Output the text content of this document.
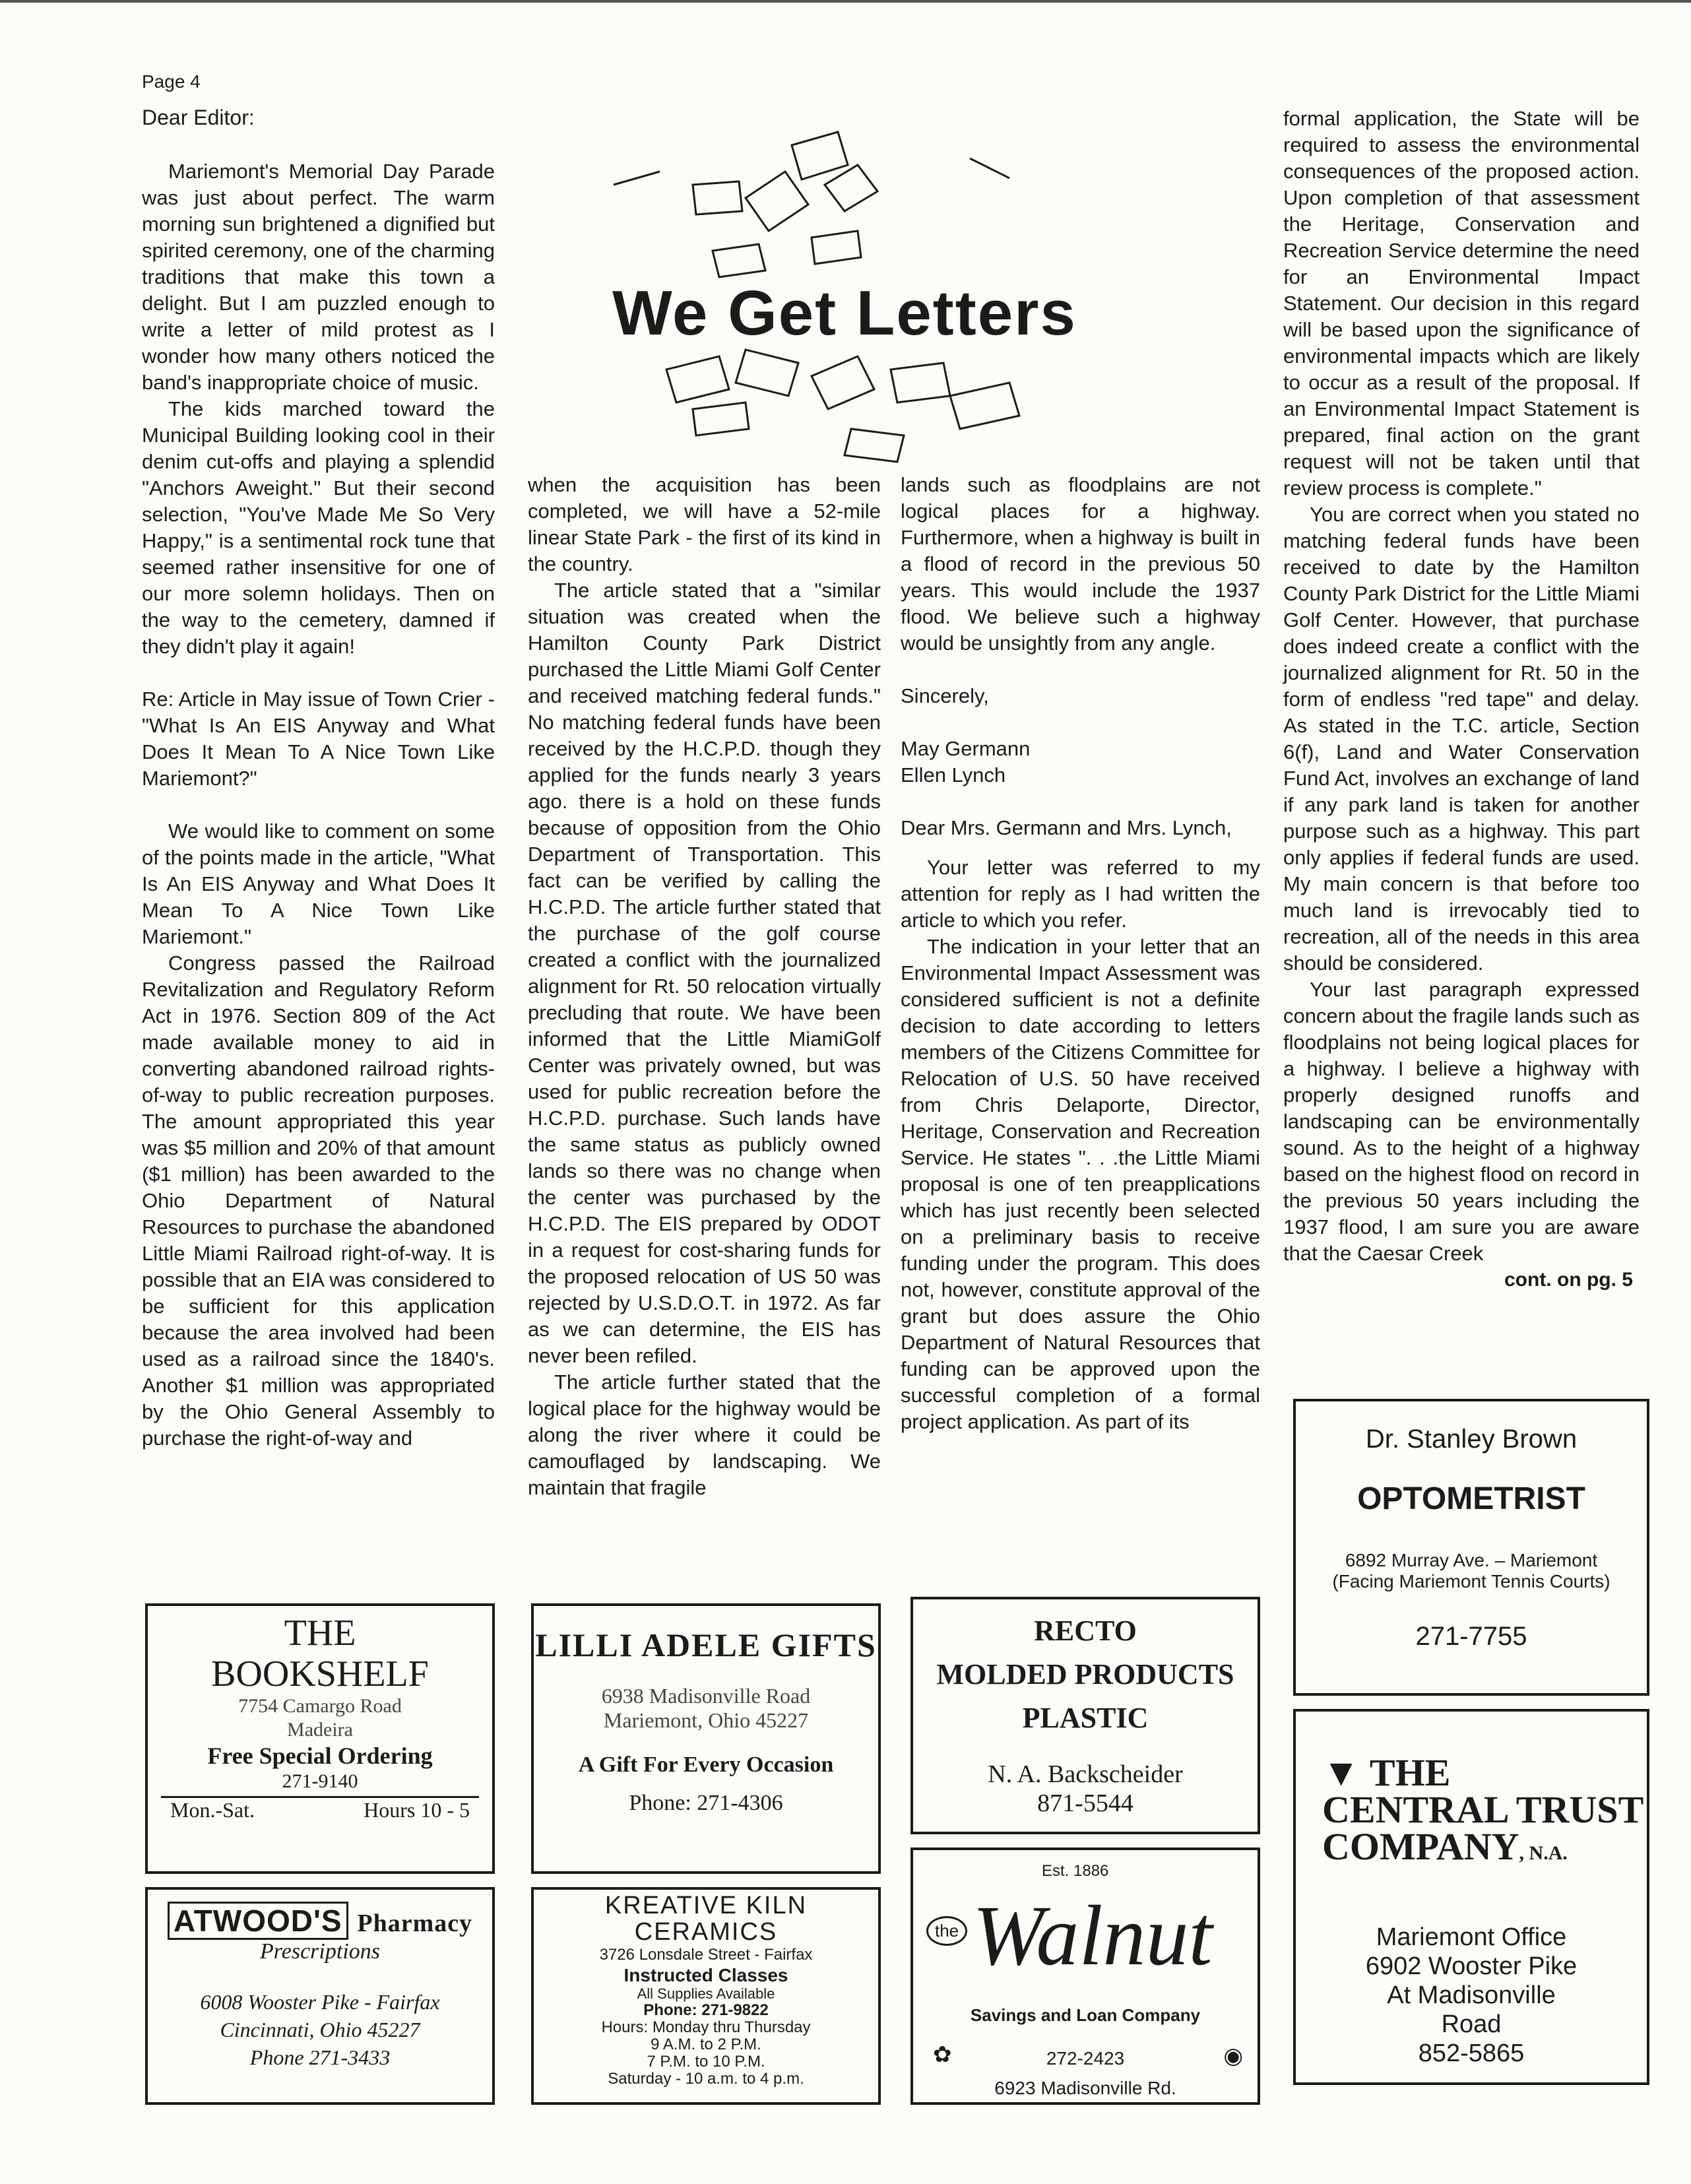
Page 4
Dear Editor:

Mariemont's Memorial Day Parade was just about perfect. The warm morning sun brightened a dignified but spirited ceremony, one of the charming traditions that make this town a delight. But I am puzzled enough to write a letter of mild protest as I wonder how many others noticed the band's inappropriate choice of music.

The kids marched toward the Municipal Building looking cool in their denim cut-offs and playing a splendid "Anchors Aweight." But their second selection, "You've Made Me So Very Happy," is a sentimental rock tune that seemed rather insensitive for one of our more solemn holidays. Then on the way to the cemetery, damned if they didn't play it again!

Re: Article in May issue of Town Crier - "What Is An EIS Anyway and What Does It Mean To A Nice Town Like Mariemont?"

We would like to comment on some of the points made in the article, "What Is An EIS Anyway and What Does It Mean To A Nice Town Like Mariemont."

Congress passed the Railroad Revitalization and Regulatory Reform Act in 1976. Section 809 of the Act made available money to aid in converting abandoned railroad rights-of-way to public recreation purposes. The amount appropriated this year was $5 million and 20% of that amount ($1 million) has been awarded to the Ohio Department of Natural Resources to purchase the abandoned Little Miami Railroad right-of-way. It is possible that an EIA was considered to be sufficient for this application because the area involved had been used as a railroad since the 1840's. Another $1 million was appropriated by the Ohio General Assembly to purchase the right-of-way and

We Get Letters

when the acquisition has been completed, we will have a 52-mile linear State Park - the first of its kind in the country.

The article stated that a "similar situation was created when the Hamilton County Park District purchased the Little Miami Golf Center and received matching federal funds." No matching federal funds have been received by the H.C.P.D. though they applied for the funds nearly 3 years ago. there is a hold on these funds because of opposition from the Ohio Department of Transportation. This fact can be verified by calling the H.C.P.D. The article further stated that the purchase of the golf course created a conflict with the journalized alignment for Rt. 50 relocation virtually precluding that route. We have been informed that the Little MiamiGolf Center was privately owned, but was used for public recreation before the H.C.P.D. purchase. Such lands have the same status as publicly owned lands so there was no change when the center was purchased by the H.C.P.D. The EIS prepared by ODOT in a request for cost-sharing funds for the proposed relocation of US 50 was rejected by U.S.D.O.T. in 1972. As far as we can determine, the EIS has never been refiled.

The article further stated that the logical place for the highway would be along the river where it could be camouflaged by landscaping. We maintain that fragile

lands such as floodplains are not logical places for a highway. Furthermore, when a highway is built in a flood of record in the previous 50 years. This would include the 1937 flood. We believe such a highway would be unsightly from any angle.

Sincerely,

May Germann

Ellen Lynch

Dear Mrs. Germann and Mrs. Lynch,

Your letter was referred to my attention for reply as I had written the article to which you refer.

The indication in your letter that an Environmental Impact Assessment was considered sufficient is not a definite decision to date according to letters members of the Citizens Committee for Relocation of U.S. 50 have received from Chris Delaporte, Director, Heritage, Conservation and Recreation Service. He states ". . .the Little Miami proposal is one of ten preapplications which has just recently been selected on a preliminary basis to receive funding under the program. This does not, however, constitute approval of the grant but does assure the Ohio Department of Natural Resources that funding can be approved upon the successful completion of a formal project application. As part of its

formal application, the State will be required to assess the environmental consequences of the proposed action. Upon completion of that assessment the Heritage, Conservation and Recreation Service determine the need for an Environmental Impact Statement. Our decision in this regard will be based upon the significance of environmental impacts which are likely to occur as a result of the proposal. If an Environmental Impact Statement is prepared, final action on the grant request will not be taken until that review process is complete."

You are correct when you stated no matching federal funds have been received to date by the Hamilton County Park District for the Little Miami Golf Center. However, that purchase does indeed create a conflict with the journalized alignment for Rt. 50 in the form of endless "red tape" and delay. As stated in the T.C. article, Section 6(f), Land and Water Conservation Fund Act, involves an exchange of land if any park land is taken for another purpose such as a highway. This part only applies if federal funds are used. My main concern is that before too much land is irrevocably tied to recreation, all of the needs in this area should be considered.

Your last paragraph expressed concern about the fragile lands such as floodplains not being logical places for a highway. I believe a highway with properly designed runoffs and landscaping can be environmentally sound. As to the height of a highway based on the highest flood on record in the previous 50 years including the 1937 flood, I am sure you are aware that the Caesar Creek

cont. on pg. 5
Dr. Stanley Brown
OPTOMETRIST
6892 Murray Ave. – Mariemont
(Facing Mariemont Tennis Courts)
271-7755
▼ THE
CENTRAL TRUST
COMPANY, N.A.
Mariemont Office
6902 Wooster Pike
At Madisonville
Road
852-5865
THE
BOOKSHELF
7754 Camargo Road
Madeira
Free Special Ordering
271-9140
Mon.-Sat.	Hours 10 - 5
LILLI ADELE GIFTS
6938 Madisonville Road
Mariemont, Ohio 45227
A Gift For Every Occasion
Phone: 271-4306
RECTO
MOLDED PRODUCTS
PLASTIC
N. A. Backscheider
871-5544
ATWOOD'S Pharmacy
Prescriptions
6008 Wooster Pike - Fairfax
Cincinnati, Ohio 45227
Phone 271-3433
KREATIVE KILN
CERAMICS
3726 Lonsdale Street - Fairfax
Instructed Classes
All Supplies Available
Phone: 271-9822
Hours: Monday thru Thursday
9 A.M. to 2 P.M.
7 P.M. to 10 P.M.
Saturday - 10 a.m. to 4 p.m.
Est. 1886
the Walnut
Savings and Loan Company
✿	272-2423	◉
6923 Madisonville Rd.
